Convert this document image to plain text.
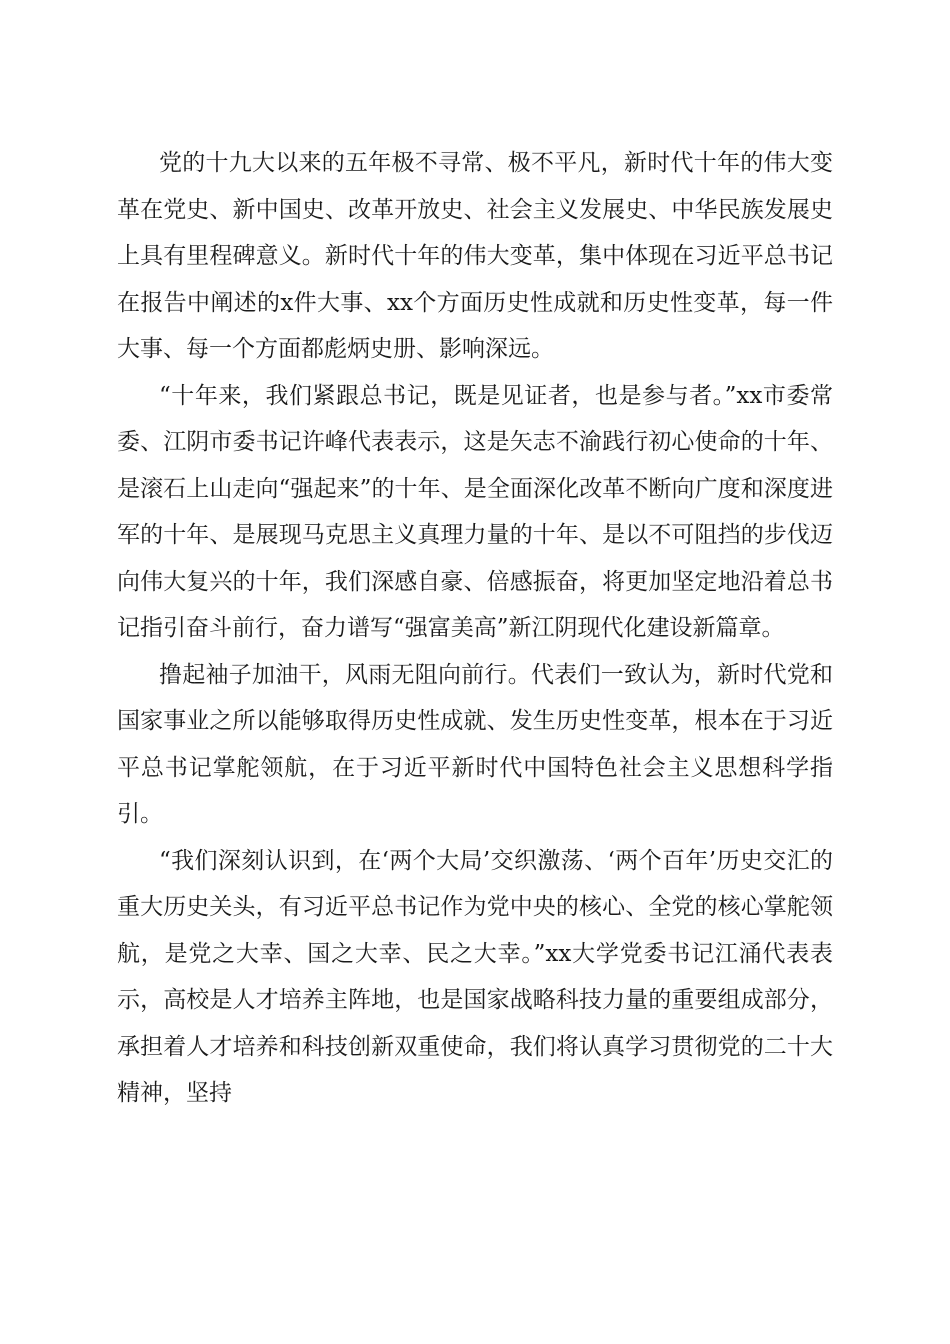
党的十九大以来的五年极不寻常、极不平凡，新时代十年的伟大变革在党史、新中国史、改革开放史、社会主义发展史、中华民族发展史上具有里程碑意义。新时代十年的伟大变革，集中体现在习近平总书记在报告中阐述的x件大事、xx个方面历史性成就和历史性变革，每一件大事、每一个方面都彪炳史册、影响深远。

“十年来，我们紧跟总书记，既是见证者，也是参与者。”xx市委常委、江阴市委书记许峰代表表示，这是矢志不渝践行初心使命的十年、是滚石上山走向“强起来”的十年、是全面深化改革不断向广度和深度进军的十年、是展现马克思主义真理力量的十年、是以不可阻挡的步伐迈向伟大复兴的十年，我们深感自豪、倍感振奋，将更加坚定地沿着总书记指引奋斗前行，奋力谱写“强富美高”新江阴现代化建设新篇章。

撸起袖子加油干，风雨无阻向前行。代表们一致认为，新时代党和国家事业之所以能够取得历史性成就、发生历史性变革，根本在于习近平总书记掌舵领航，在于习近平新时代中国特色社会主义思想科学指引。

“我们深刻认识到，在‘两个大局’交织激荡、‘两个百年’历史交汇的重大历史关头，有习近平总书记作为党中央的核心、全党的核心掌舵领航，是党之大幸、国之大幸、民之大幸。”xx大学党委书记江涌代表表示，高校是人才培养主阵地，也是国家战略科技力量的重要组成部分，承担着人才培养和科技创新双重使命，我们将认真学习贯彻党的二十大精神，坚持
